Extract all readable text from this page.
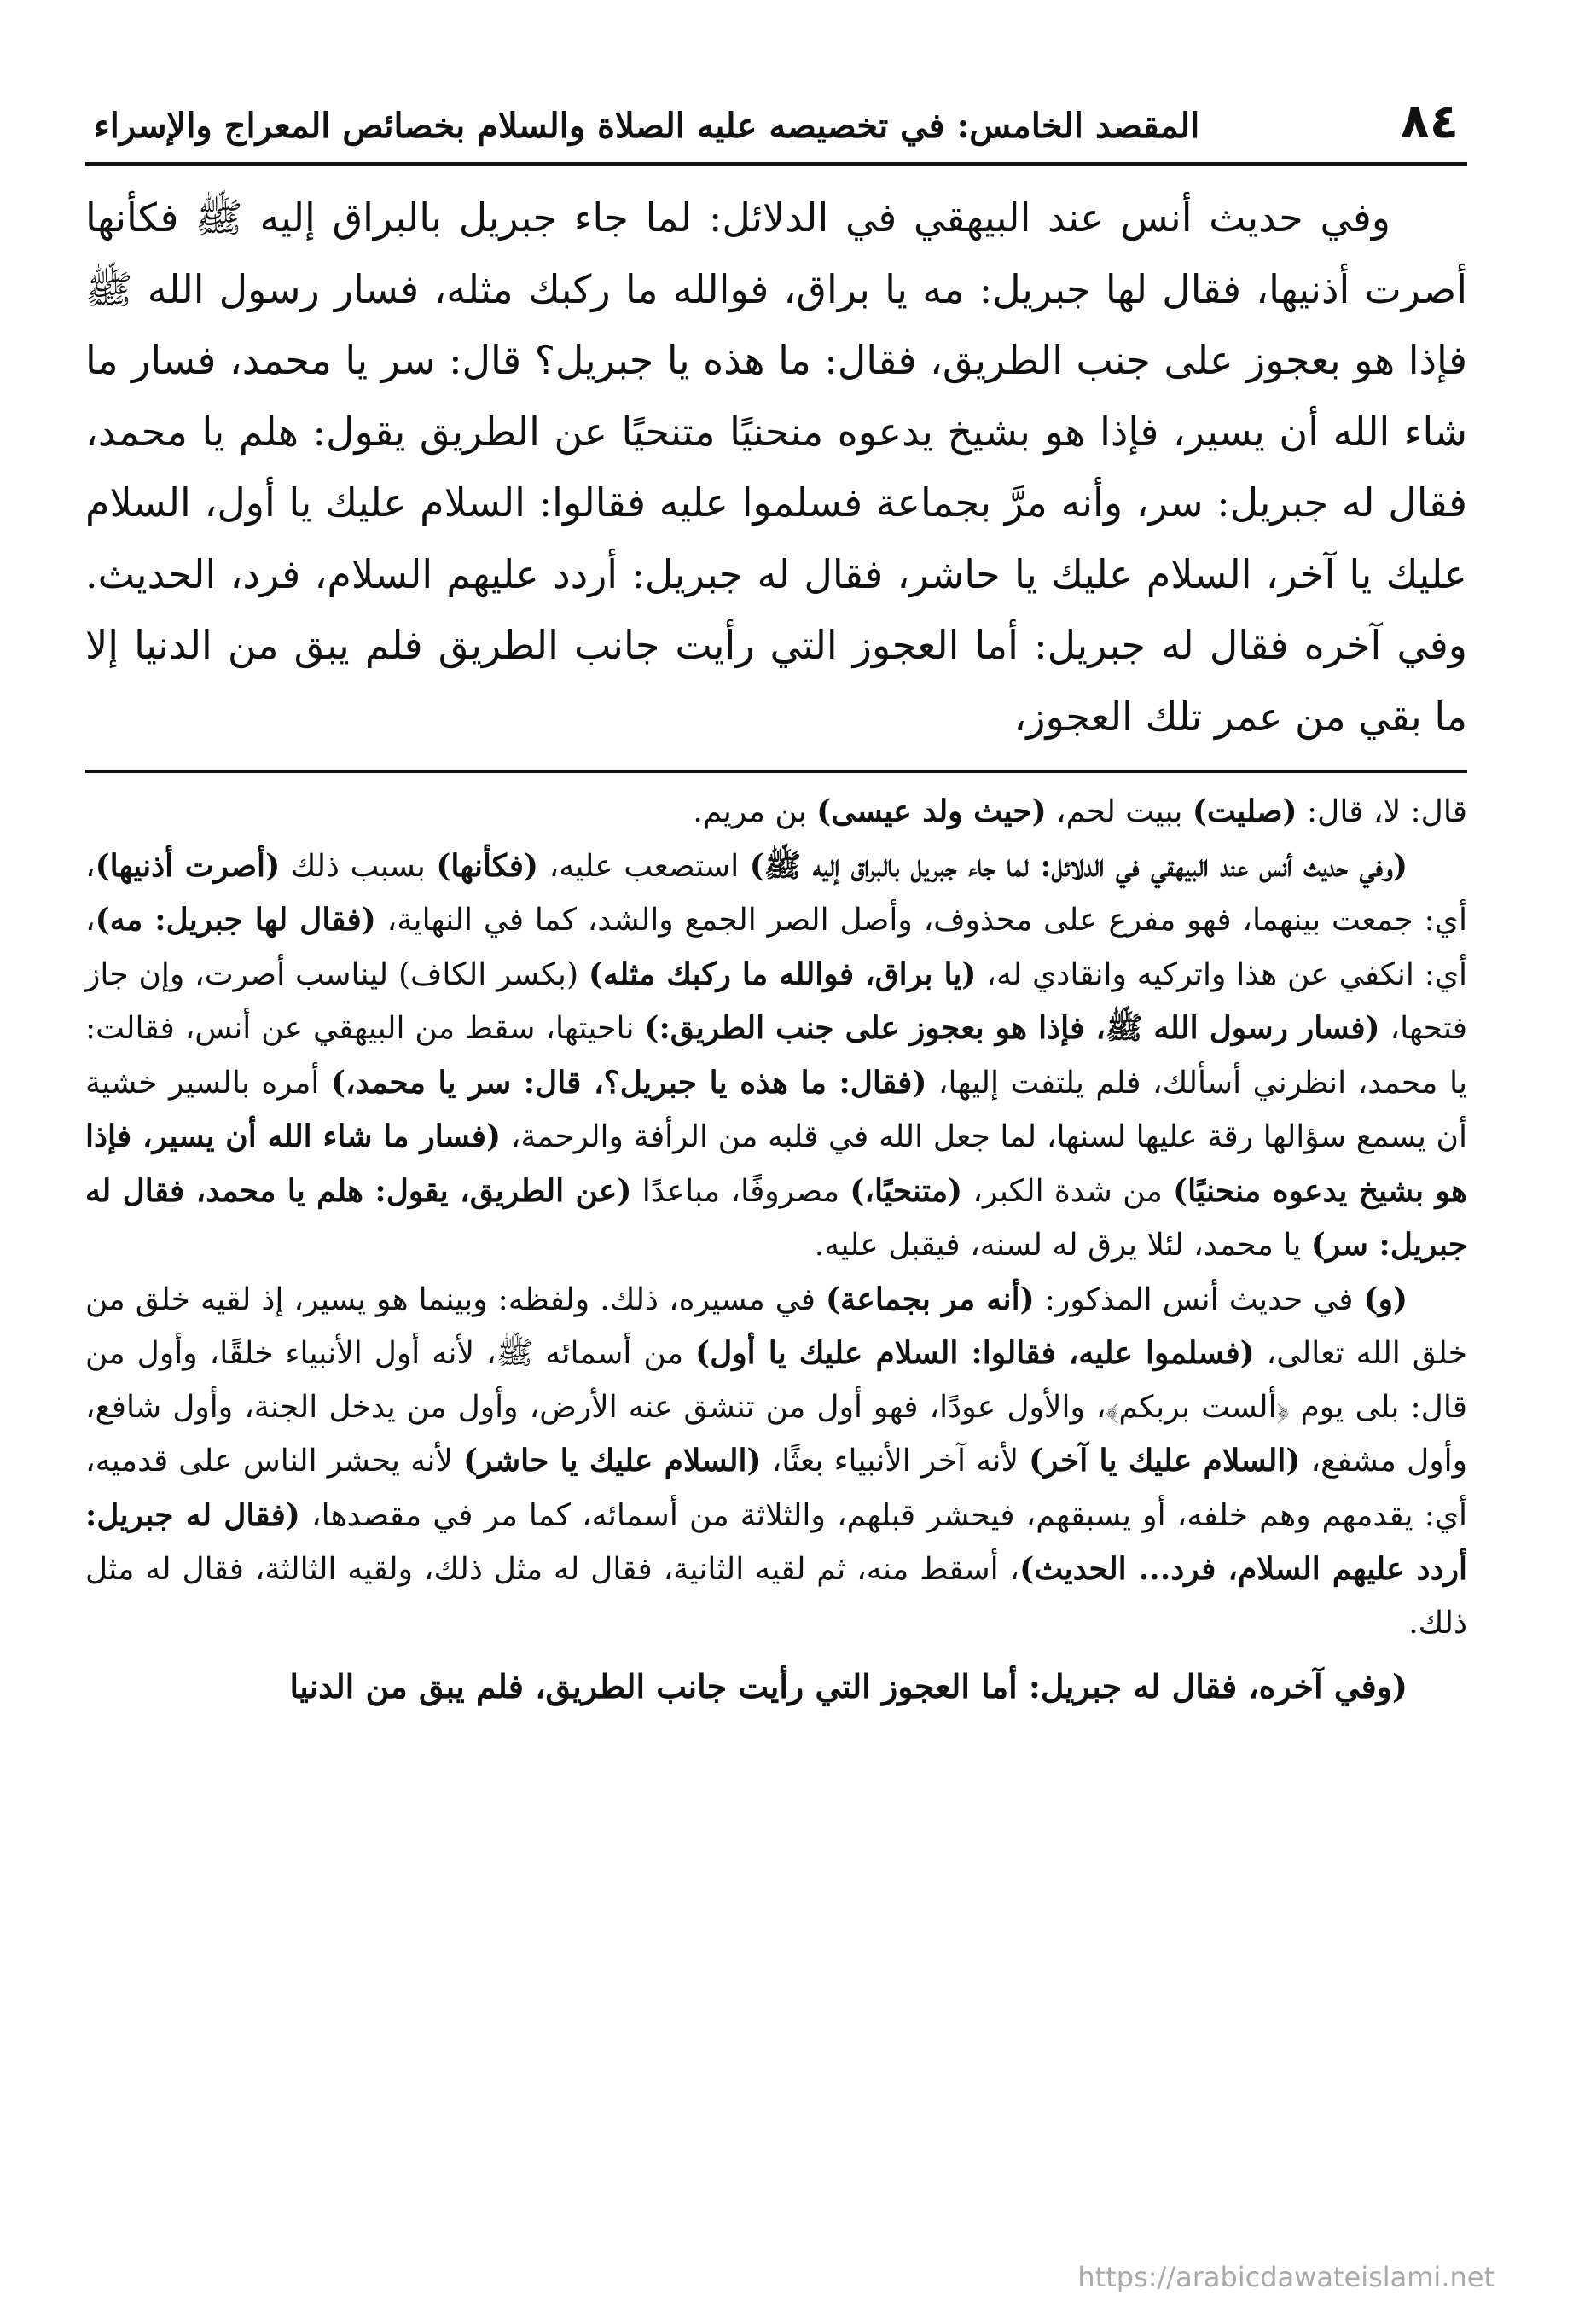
٨٤
المقصد الخامس: في تخصيصه عليه الصلاة والسلام بخصائص المعراج والإسراء

وفي حديث أنس عند البيهقي في الدلائل: لما جاء جبريل بالبراق إليه ﷺ فكأنها أصرت أذنيها، فقال لها جبريل: مه يا براق، فوالله ما ركبك مثله، فسار رسول الله ﷺ فإذا هو بعجوز على جنب الطريق، فقال: ما هذه يا جبريل؟ قال: سر يا محمد، فسار ما شاء الله أن يسير، فإذا هو بشيخ يدعوه منحنيًا متنحيًا عن الطريق يقول: هلم يا محمد، فقال له جبريل: سر، وأنه مرَّ بجماعة فسلموا عليه فقالوا: السلام عليك يا أول، السلام عليك يا آخر، السلام عليك يا حاشر، فقال له جبريل: أردد عليهم السلام، فرد، الحديث. وفي آخره فقال له جبريل: أما العجوز التي رأيت جانب الطريق فلم يبق من الدنيا إلا ما بقي من عمر تلك العجوز،

قال: لا، قال: (صليت) ببيت لحم، (حيث ولد عيسى) بن مريم.

(وفي حديث أنس عند البيهقي في الدلائل: لما جاء جبريل بالبراق إليه ﷺ) استصعب عليه، (فكأنها) بسبب ذلك (أصرت أذنيها)، أي: جمعت بينهما، فهو مفرع على محذوف، وأصل الصر الجمع والشد، كما في النهاية، (فقال لها جبريل: مه)، أي: انكفي عن هذا واتركيه وانقادي له، (يا براق، فوالله ما ركبك مثله) (بكسر الكاف) ليناسب أصرت، وإن جاز فتحها، (فسار رسول الله ﷺ، فإذا هو بعجوز على جنب الطريق:) ناحيتها، سقط من البيهقي عن أنس، فقالت: يا محمد، انظرني أسألك، فلم يلتفت إليها، (فقال: ما هذه يا جبريل؟، قال: سر يا محمد،) أمره بالسير خشية أن يسمع سؤالها رقة عليها لسنها، لما جعل الله في قلبه من الرأفة والرحمة، (فسار ما شاء الله أن يسير، فإذا هو بشيخ يدعوه منحنيًا) من شدة الكبر، (متنحيًا،) مصروفًا، مباعدًا (عن الطريق، يقول: هلم يا محمد، فقال له جبريل: سر) يا محمد، لئلا يرق له لسنه، فيقبل عليه.

(و) في حديث أنس المذكور: (أنه مر بجماعة) في مسيره، ذلك. ولفظه: وبينما هو يسير، إذ لقيه خلق من خلق الله تعالى، (فسلموا عليه، فقالوا: السلام عليك يا أول) من أسمائه ﷺ، لأنه أول الأنبياء خلقًا، وأول من قال: بلى يوم ﴿ألست بربكم﴾، والأول عودًا، فهو أول من تنشق عنه الأرض، وأول من يدخل الجنة، وأول شافع، وأول مشفع، (السلام عليك يا آخر) لأنه آخر الأنبياء بعثًا، (السلام عليك يا حاشر) لأنه يحشر الناس على قدميه، أي: يقدمهم وهم خلفه، أو يسبقهم، فيحشر قبلهم، والثلاثة من أسمائه، كما مر في مقصدها، (فقال له جبريل: أردد عليهم السلام، فرد... الحديث)، أسقط منه، ثم لقيه الثانية، فقال له مثل ذلك، ولقيه الثالثة، فقال له مثل ذلك.

(وفي آخره، فقال له جبريل: أما العجوز التي رأيت جانب الطريق، فلم يبق من الدنيا

https://arabicdawateislami.net
